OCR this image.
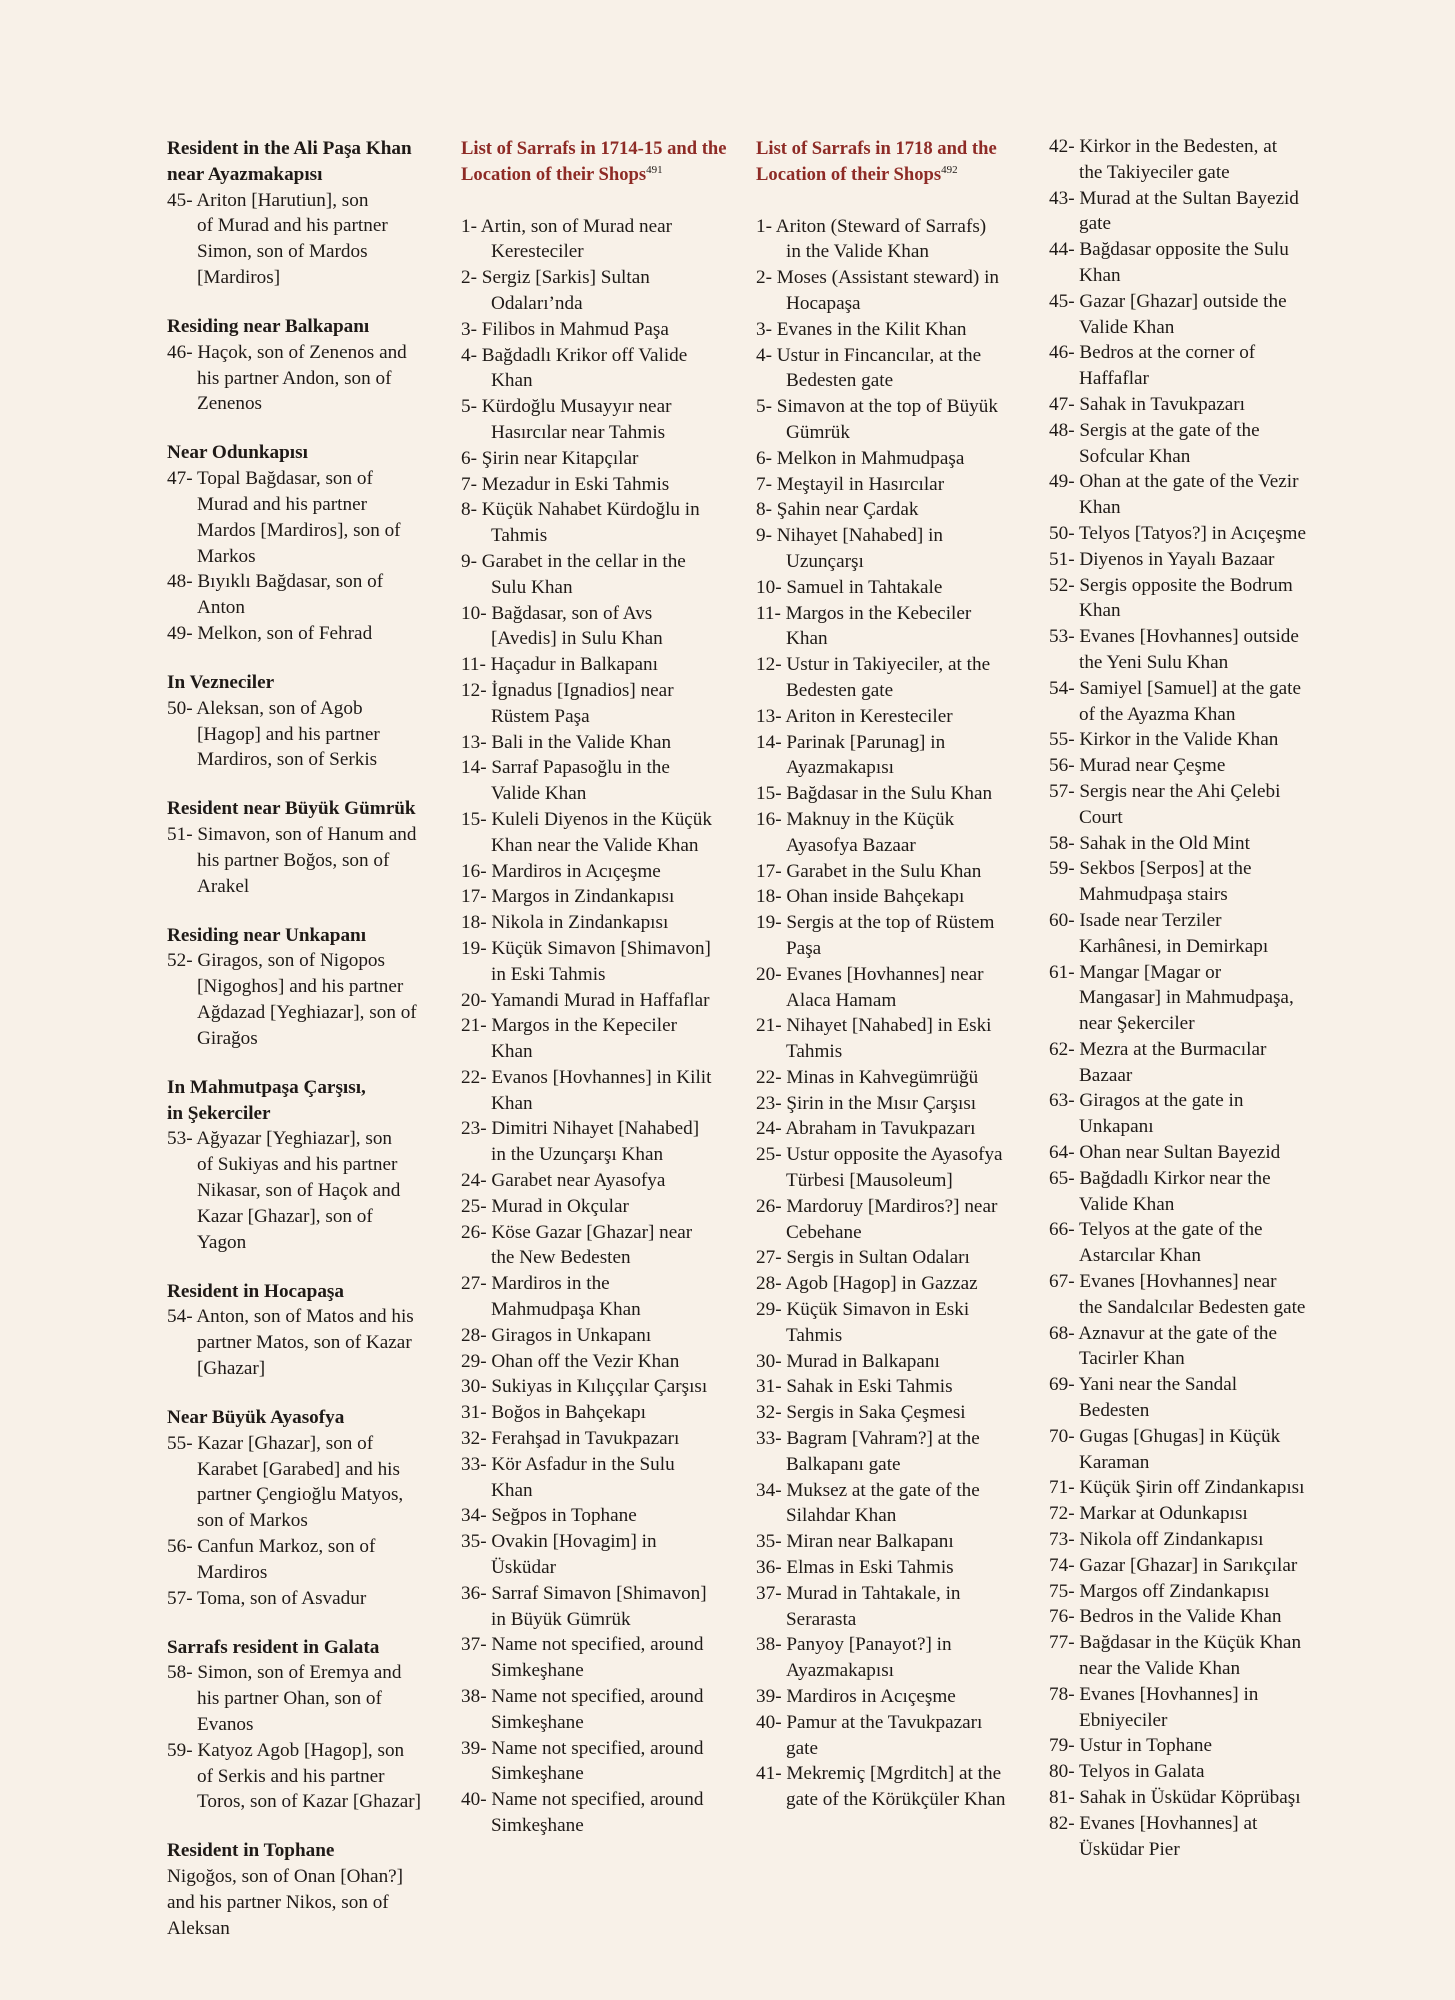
Resident in the Ali Paşa Khan
near Ayazmakapısı
45- Ariton [Harutiun], son
of Murad and his partner
Simon, son of Mardos
[Mardiros]
Residing near Balkapanı
46- Haçok, son of Zenenos and
his partner Andon, son of
Zenenos
Near Odunkapısı
47- Topal Bağdasar, son of
Murad and his partner
Mardos [Mardiros], son of
Markos
48- Bıyıklı Bağdasar, son of
Anton
49- Melkon, son of Fehrad
In Vezneciler
50- Aleksan, son of Agob
[Hagop] and his partner
Mardiros, son of Serkis
Resident near Büyük Gümrük
51- Simavon, son of Hanum and
his partner Boğos, son of
Arakel
Residing near Unkapanı
52- Giragos, son of Nigopos
[Nigoghos] and his partner
Ağdazad [Yeghiazar], son of
Girağos
In Mahmutpaşa Çarşısı,
in Şekerciler
53- Ağyazar [Yeghiazar], son
of Sukiyas and his partner
Nikasar, son of Haçok and
Kazar [Ghazar], son of
Yagon
Resident in Hocapaşa
54- Anton, son of Matos and his
partner Matos, son of Kazar
[Ghazar]
Near Büyük Ayasofya
55- Kazar [Ghazar], son of
Karabet [Garabed] and his
partner Çengioğlu Matyos,
son of Markos
56- Canfun Markoz, son of
Mardiros
57- Toma, son of Asvadur
Sarrafs resident in Galata
58- Simon, son of Eremya and
his partner Ohan, son of
Evanos
59- Katyoz Agob [Hagop], son
of Serkis and his partner
Toros, son of Kazar [Ghazar]
Resident in Tophane
Nigoğos, son of Onan [Ohan?]
and his partner Nikos, son of
Aleksan
List of Sarrafs in 1714-15 and the
Location of their Shops$^{491}$
1- Artin, son of Murad near
Keresteciler
2- Sergiz [Sarkis] Sultan
Odaları’nda
3- Filibos in Mahmud Paşa
4- Bağdadlı Krikor off Valide
Khan
5- Kürdoğlu Musayyır near
Hasırcılar near Tahmis
6- Şirin near Kitapçılar
7- Mezadur in Eski Tahmis
8- Küçük Nahabet Kürdoğlu in
Tahmis
9- Garabet in the cellar in the
Sulu Khan
10- Bağdasar, son of Avs
[Avedis] in Sulu Khan
11- Haçadur in Balkapanı
12- İgnadus [Ignadios] near
Rüstem Paşa
13- Bali in the Valide Khan
14- Sarraf Papasoğlu in the
Valide Khan
15- Kuleli Diyenos in the Küçük
Khan near the Valide Khan
16- Mardiros in Acıçeşme
17- Margos in Zindankapısı
18- Nikola in Zindankapısı
19- Küçük Simavon [Shimavon]
in Eski Tahmis
20- Yamandi Murad in Haffaflar
21- Margos in the Kepeciler
Khan
22- Evanos [Hovhannes] in Kilit
Khan
23- Dimitri Nihayet [Nahabed]
in the Uzunçarşı Khan
24- Garabet near Ayasofya
25- Murad in Okçular
26- Köse Gazar [Ghazar] near
the New Bedesten
27- Mardiros in the
Mahmudpaşa Khan
28- Giragos in Unkapanı
29- Ohan off the Vezir Khan
30- Sukiyas in Kılıççılar Çarşısı
31- Boğos in Bahçekapı
32- Ferahşad in Tavukpazarı
33- Kör Asfadur in the Sulu
Khan
34- Seğpos in Tophane
35- Ovakin [Hovagim] in
Üsküdar
36- Sarraf Simavon [Shimavon]
in Büyük Gümrük
37- Name not specified, around
Simkeşhane
38- Name not specified, around
Simkeşhane
39- Name not specified, around
Simkeşhane
40- Name not specified, around
Simkeşhane
List of Sarrafs in 1718 and the
Location of their Shops$^{492}$
1- Ariton (Steward of Sarrafs)
in the Valide Khan
2- Moses (Assistant steward) in
Hocapaşa
3- Evanes in the Kilit Khan
4- Ustur in Fincancılar, at the
Bedesten gate
5- Simavon at the top of Büyük
Gümrük
6- Melkon in Mahmudpaşa
7- Meştayil in Hasırcılar
8- Şahin near Çardak
9- Nihayet [Nahabed] in
Uzunçarşı
10- Samuel in Tahtakale
11- Margos in the Kebeciler
Khan
12- Ustur in Takiyeciler, at the
Bedesten gate
13- Ariton in Keresteciler
14- Parinak [Parunag] in
Ayazmakapısı
15- Bağdasar in the Sulu Khan
16- Maknuy in the Küçük
Ayasofya Bazaar
17- Garabet in the Sulu Khan
18- Ohan inside Bahçekapı
19- Sergis at the top of Rüstem
Paşa
20- Evanes [Hovhannes] near
Alaca Hamam
21- Nihayet [Nahabed] in Eski
Tahmis
22- Minas in Kahvegümrüğü
23- Şirin in the Mısır Çarşısı
24- Abraham in Tavukpazarı
25- Ustur opposite the Ayasofya
Türbesi [Mausoleum]
26- Mardoruy [Mardiros?] near
Cebehane
27- Sergis in Sultan Odaları
28- Agob [Hagop] in Gazzaz
29- Küçük Simavon in Eski
Tahmis
30- Murad in Balkapanı
31- Sahak in Eski Tahmis
32- Sergis in Saka Çeşmesi
33- Bagram [Vahram?] at the
Balkapanı gate
34- Muksez at the gate of the
Silahdar Khan
35- Miran near Balkapanı
36- Elmas in Eski Tahmis
37- Murad in Tahtakale, in
Serarasta
38- Panyoy [Panayot?] in
Ayazmakapısı
39- Mardiros in Acıçeşme
40- Pamur at the Tavukpazarı
gate
41- Mekremiç [Mgrditch] at the
gate of the Körükçüler Khan
42- Kirkor in the Bedesten, at
the Takiyeciler gate
43- Murad at the Sultan Bayezid
gate
44- Bağdasar opposite the Sulu
Khan
45- Gazar [Ghazar] outside the
Valide Khan
46- Bedros at the corner of
Haffaflar
47- Sahak in Tavukpazarı
48- Sergis at the gate of the
Sofcular Khan
49- Ohan at the gate of the Vezir
Khan
50- Telyos [Tatyos?] in Acıçeşme
51- Diyenos in Yayalı Bazaar
52- Sergis opposite the Bodrum
Khan
53- Evanes [Hovhannes] outside
the Yeni Sulu Khan
54- Samiyel [Samuel] at the gate
of the Ayazma Khan
55- Kirkor in the Valide Khan
56- Murad near Çeşme
57- Sergis near the Ahi Çelebi
Court
58- Sahak in the Old Mint
59- Sekbos [Serpos] at the
Mahmudpaşa stairs
60- Isade near Terziler
Karhânesi, in Demirkapı
61- Mangar [Magar or
Mangasar] in Mahmudpaşa,
near Şekerciler
62- Mezra at the Burmacılar
Bazaar
63- Giragos at the gate in
Unkapanı
64- Ohan near Sultan Bayezid
65- Bağdadlı Kirkor near the
Valide Khan
66- Telyos at the gate of the
Astarcılar Khan
67- Evanes [Hovhannes] near
the Sandalcılar Bedesten gate
68- Aznavur at the gate of the
Tacirler Khan
69- Yani near the Sandal
Bedesten
70- Gugas [Ghugas] in Küçük
Karaman
71- Küçük Şirin off Zindankapısı
72- Markar at Odunkapısı
73- Nikola off Zindankapısı
74- Gazar [Ghazar] in Sarıkçılar
75- Margos off Zindankapısı
76- Bedros in the Valide Khan
77- Bağdasar in the Küçük Khan
near the Valide Khan
78- Evanes [Hovhannes] in
Ebniyeciler
79- Ustur in Tophane
80- Telyos in Galata
81- Sahak in Üsküdar Köprübaşı
82- Evanes [Hovhannes] at
Üsküdar Pier
